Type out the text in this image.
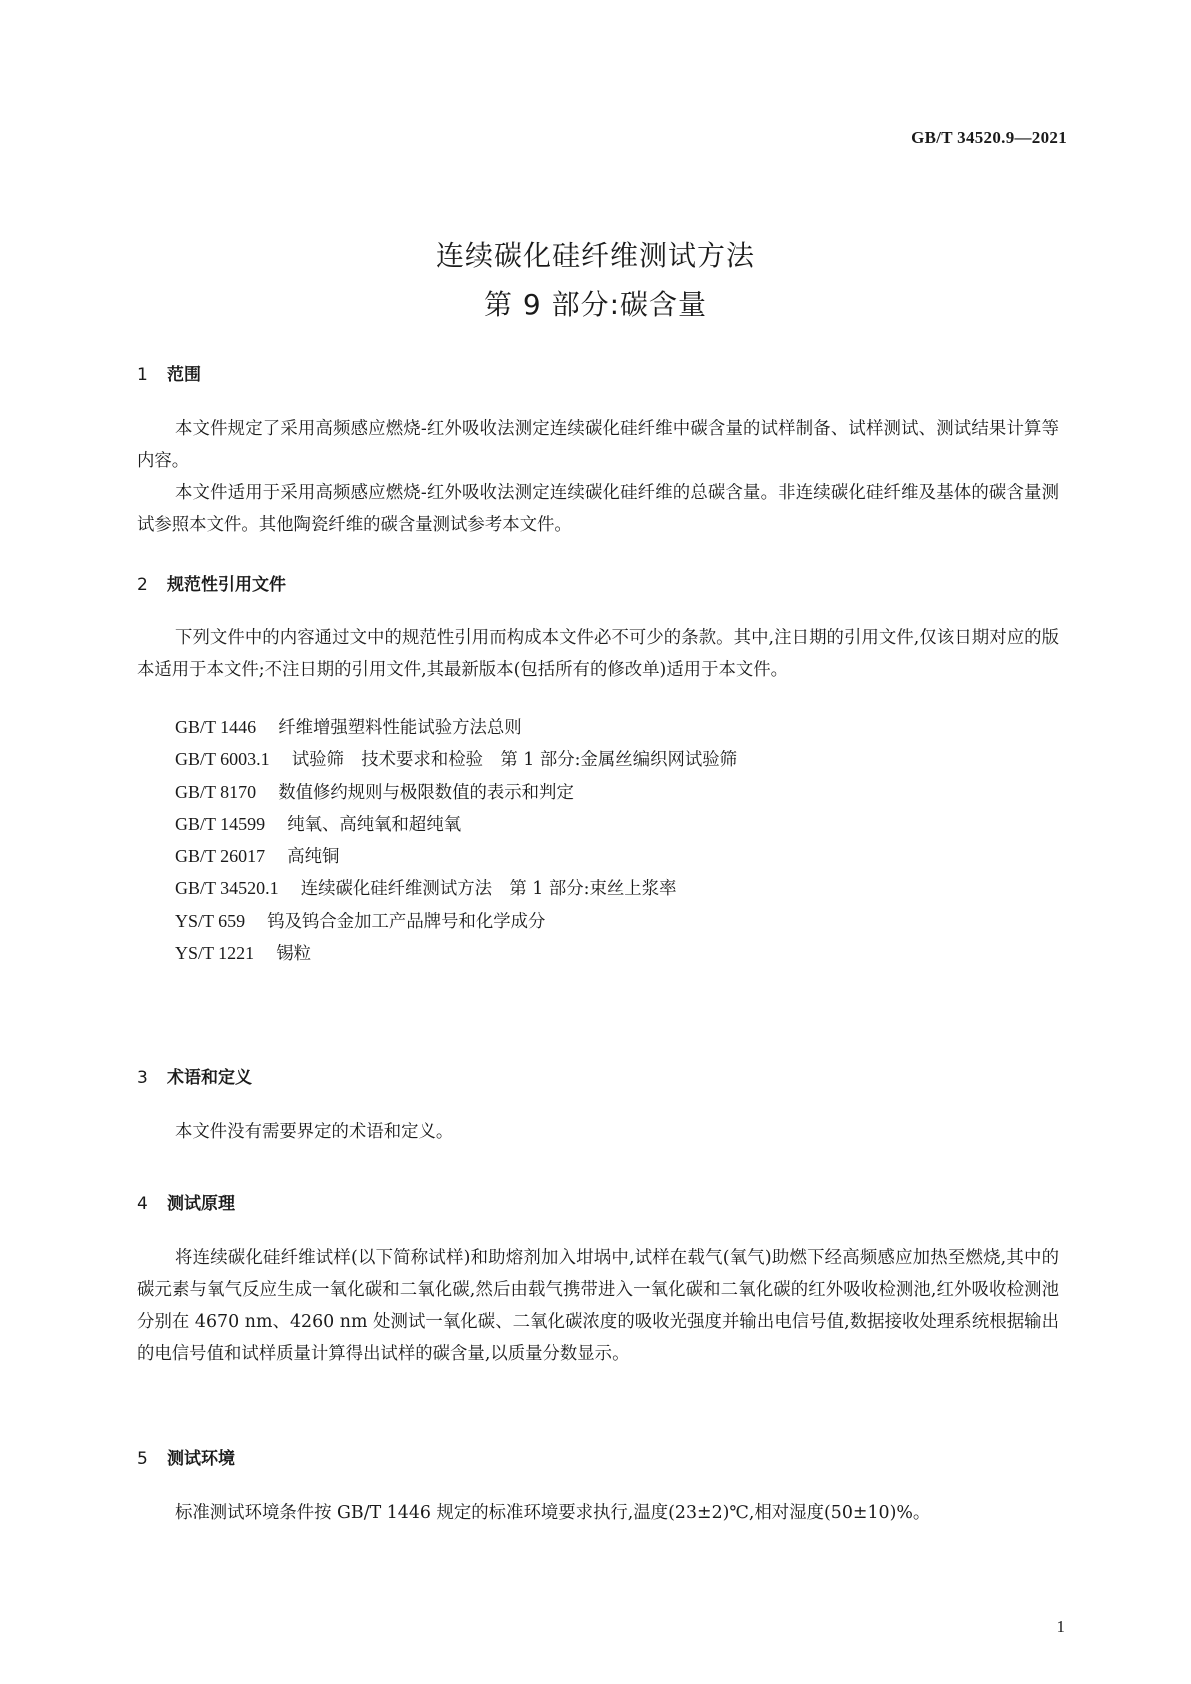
GB/T 34520.9—2021
连续碳化硅纤维测试方法
第 9 部分:碳含量
1 范围

本文件规定了采用高频感应燃烧-红外吸收法测定连续碳化硅纤维中碳含量的试样制备、试样测试、测试结果计算等内容。

本文件适用于采用高频感应燃烧-红外吸收法测定连续碳化硅纤维的总碳含量。非连续碳化硅纤维及基体的碳含量测试参照本文件。其他陶瓷纤维的碳含量测试参考本文件。

2 规范性引用文件

下列文件中的内容通过文中的规范性引用而构成本文件必不可少的条款。其中,注日期的引用文件,仅该日期对应的版本适用于本文件;不注日期的引用文件,其最新版本(包括所有的修改单)适用于本文件。

GB/T 1446 纤维增强塑料性能试验方法总则
GB/T 6003.1 试验筛　技术要求和检验　第 1 部分:金属丝编织网试验筛
GB/T 8170 数值修约规则与极限数值的表示和判定
GB/T 14599 纯氧、高纯氧和超纯氧
GB/T 26017 高纯铜
GB/T 34520.1 连续碳化硅纤维测试方法　第 1 部分:束丝上浆率
YS/T 659 钨及钨合金加工产品牌号和化学成分
YS/T 1221 锡粒
3 术语和定义

本文件没有需要界定的术语和定义。

4 测试原理

将连续碳化硅纤维试样(以下简称试样)和助熔剂加入坩埚中,试样在载气(氧气)助燃下经高频感应加热至燃烧,其中的碳元素与氧气反应生成一氧化碳和二氧化碳,然后由载气携带进入一氧化碳和二氧化碳的红外吸收检测池,红外吸收检测池分别在 4670 nm、4260 nm 处测试一氧化碳、二氧化碳浓度的吸收光强度并输出电信号值,数据接收处理系统根据输出的电信号值和试样质量计算得出试样的碳含量,以质量分数显示。

5 测试环境

标准测试环境条件按 GB/T 1446 规定的标准环境要求执行,温度(23±2)℃,相对湿度(50±10)%。

1
